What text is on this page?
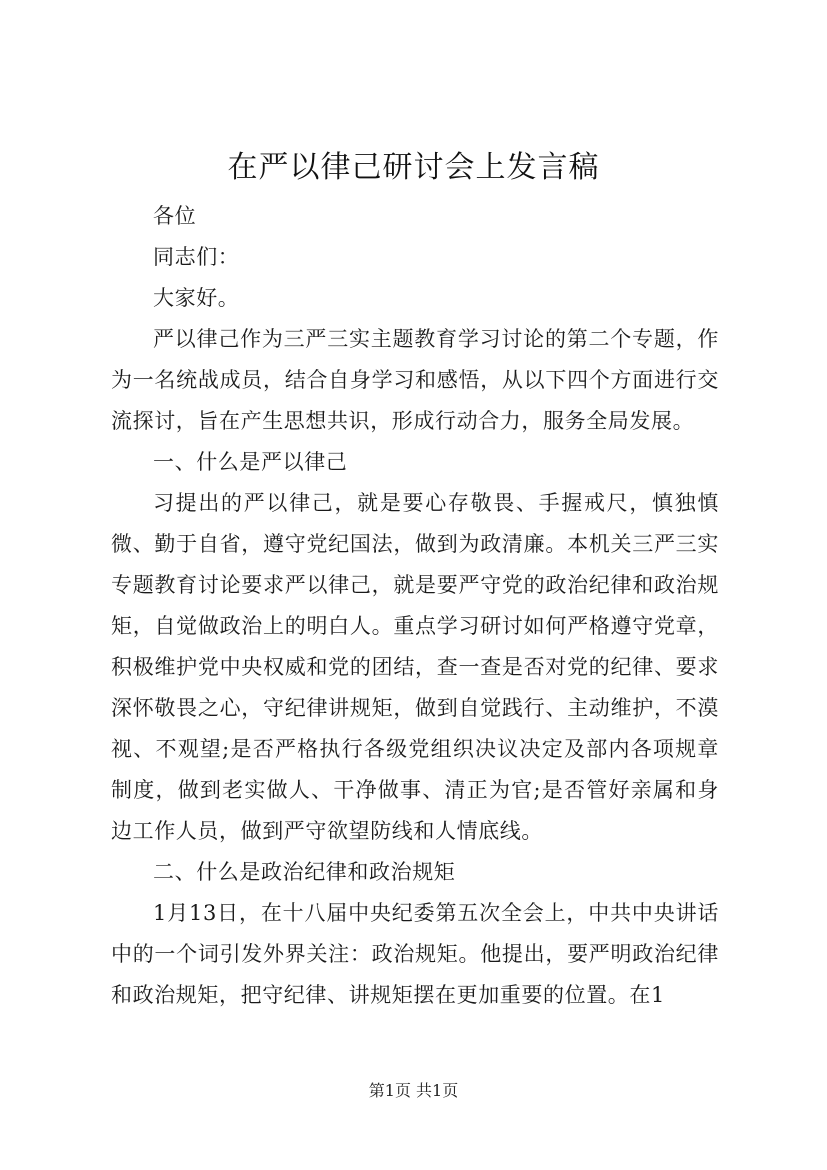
在严以律己研讨会上发言稿

各位

同志们：

大家好。

严以律己作为三严三实主题教育学习讨论的第二个专题，作为一名统战成员，结合自身学习和感悟，从以下四个方面进行交流探讨，旨在产生思想共识，形成行动合力，服务全局发展。

一、什么是严以律己

习提出的严以律己，就是要心存敬畏、手握戒尺，慎独慎微、勤于自省，遵守党纪国法，做到为政清廉。本机关三严三实专题教育讨论要求严以律己，就是要严守党的政治纪律和政治规矩，自觉做政治上的明白人。重点学习研讨如何严格遵守党章，积极维护党中央权威和党的团结，查一查是否对党的纪律、要求深怀敬畏之心，守纪律讲规矩，做到自觉践行、主动维护，不漠视、不观望;是否严格执行各级党组织决议决定及部内各项规章制度，做到老实做人、干净做事、清正为官;是否管好亲属和身边工作人员，做到严守欲望防线和人情底线。

二、什么是政治纪律和政治规矩

1月13日，在十八届中央纪委第五次全会上，中共中央讲话中的一个词引发外界关注：政治规矩。他提出，要严明政治纪律和政治规矩，把守纪律、讲规矩摆在更加重要的位置。在1

第1页 共1页
